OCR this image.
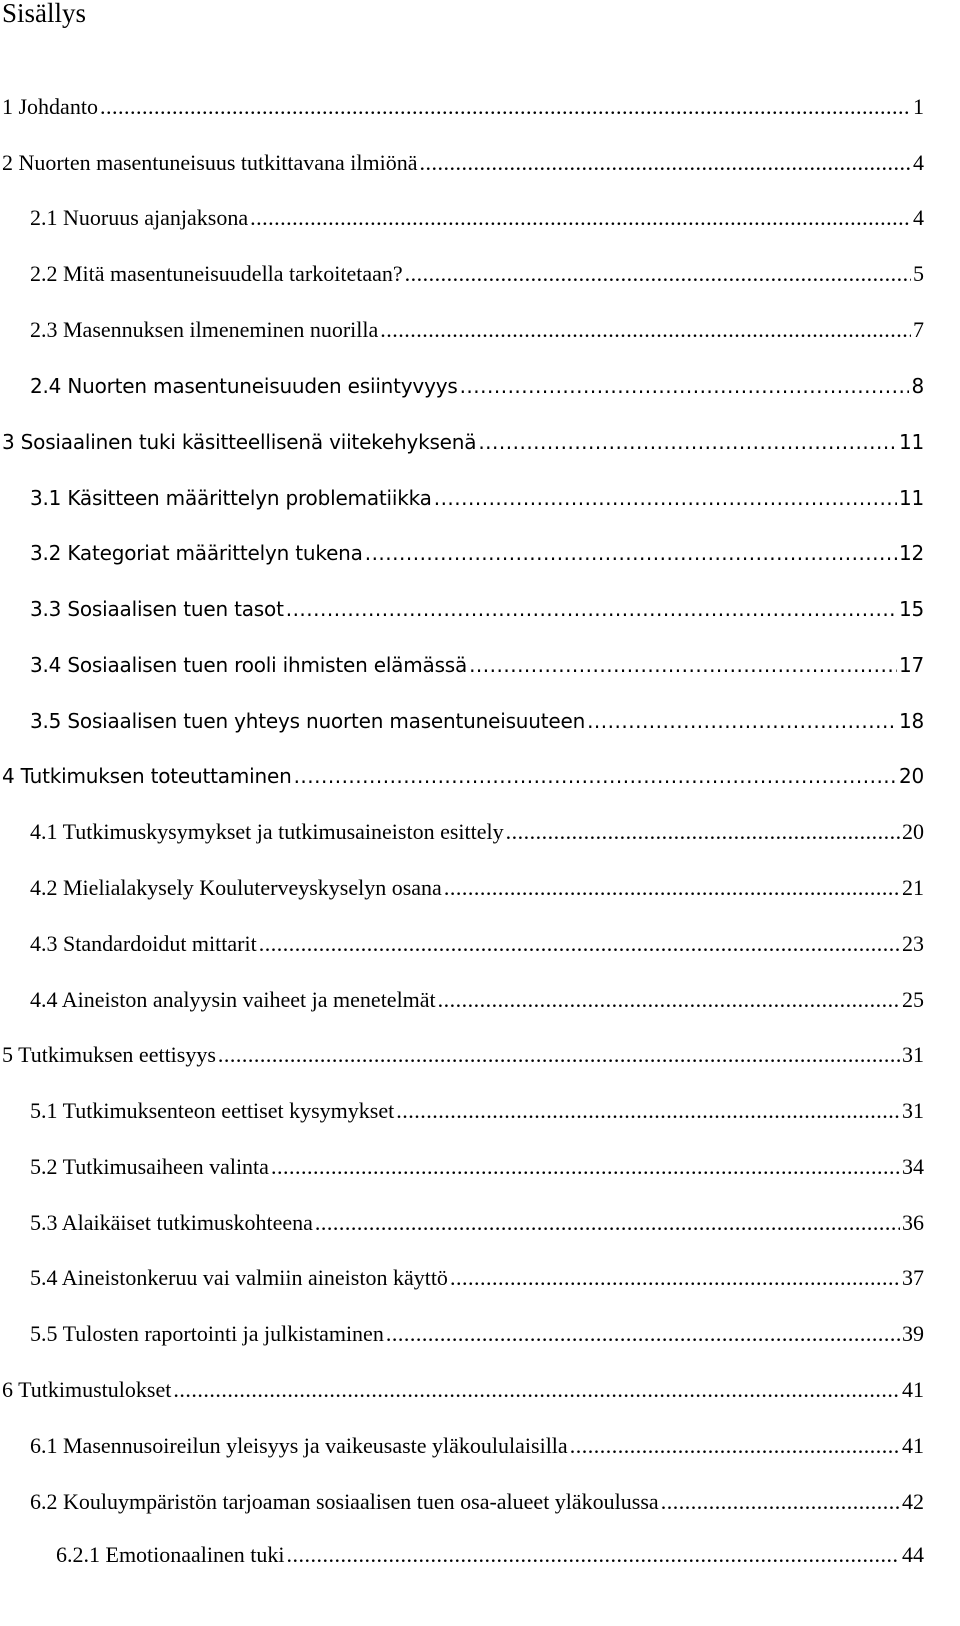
Sisällys
1 Johdanto .....	1
2 Nuorten masentuneisuus tutkittavana ilmiönä .....	4
2.1 Nuoruus ajanjaksona .....	4
2.2 Mitä masentuneisuudella tarkoitetaan? .....	5
2.3 Masennuksen ilmeneminen nuorilla .....	7
2.4 Nuorten masentuneisuuden esiintyvyys .....	8
3 Sosiaalinen tuki käsitteellisenä viitekehyksenä .....	11
3.1 Käsitteen määrittelyn problematiikka .....	11
3.2 Kategoriat määrittelyn tukena .....	12
3.3 Sosiaalisen tuen tasot .....	15
3.4 Sosiaalisen tuen rooli ihmisten elämässä .....	17
3.5 Sosiaalisen tuen yhteys nuorten masentuneisuuteen .....	18
4 Tutkimuksen toteuttaminen .....	20
4.1 Tutkimuskysymykset ja tutkimusaineiston esittely .....	20
4.2 Mielialakysely Kouluterveyskyselyn osana .....	21
4.3 Standardoidut mittarit .....	23
4.4 Aineiston analyysin vaiheet ja menetelmät .....	25
5 Tutkimuksen eettisyys .....	31
5.1 Tutkimuksenteon eettiset kysymykset .....	31
5.2 Tutkimusaiheen valinta .....	34
5.3 Alaikäiset tutkimuskohteena .....	36
5.4 Aineistonkeruu vai valmiin aineiston käyttö .....	37
5.5 Tulosten raportointi ja julkistaminen .....	39
6 Tutkimustulokset .....	41
6.1 Masennusoireilun yleisyys ja vaikeusaste yläkoululaisilla .....	41
6.2 Kouluympäristön tarjoaman sosiaalisen tuen osa-alueet yläkoulussa .....	42
6.2.1 Emotionaalinen tuki .....	44
